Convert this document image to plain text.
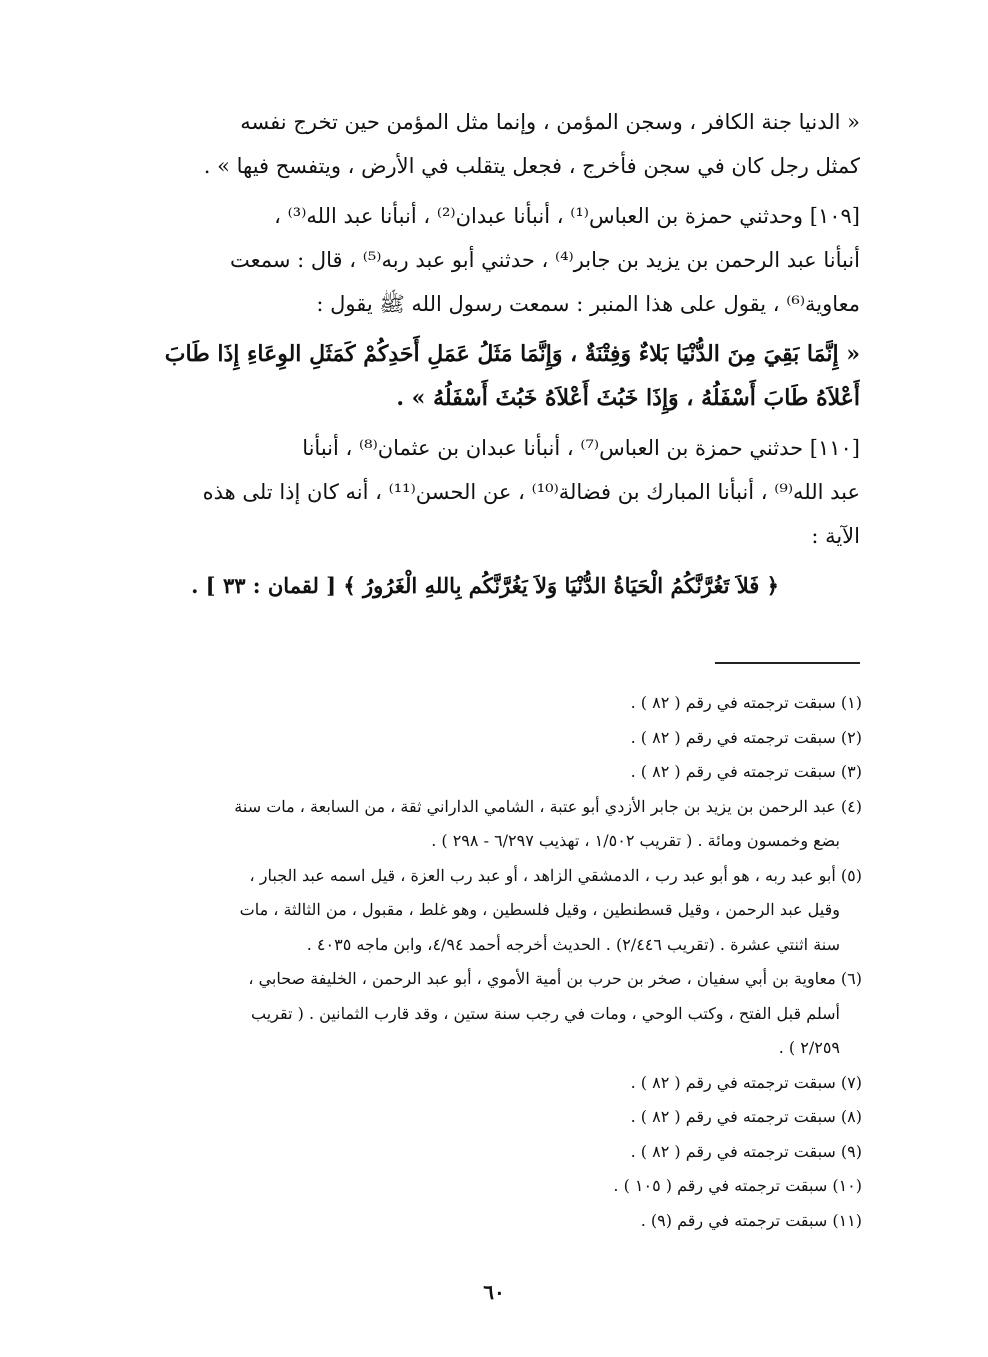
« الدنيا جنة الكافر ، وسجن المؤمن ، وإنما مثل المؤمن حين تخرج نفسه
كمثل رجل كان في سجن فأخرج ، فجعل يتقلب في الأرض ، ويتفسح فيها » .
[١٠٩] وحدثني حمزة بن العباس⁽¹⁾ ، أنبأنا عبدان⁽²⁾ ، أنبأنا عبد الله⁽³⁾ ،
أنبأنا عبد الرحمن بن يزيد بن جابر⁽⁴⁾ ، حدثني أبو عبد ربه⁽⁵⁾ ، قال : سمعت
معاوية⁽⁶⁾ ، يقول على هذا المنبر : سمعت رسول الله ﷺ يقول :
« إِنَّمَا بَقِيَ مِنَ الدُّنْيَا بَلاءٌ وَفِتْنَةٌ ، وَإِنَّمَا مَثَلُ عَمَلِ أَحَدِكُمْ كَمَثَلِ الوِعَاءِ إِذَا طَابَ
أَعْلاَهُ طَابَ أَسْفَلُهُ ، وَإِذَا خَبُثَ أَعْلاَهُ خَبُثَ أَسْفَلُهُ » .
[١١٠] حدثني حمزة بن العباس⁽⁷⁾ ، أنبأنا عبدان بن عثمان⁽⁸⁾ ، أنبأنا
عبد الله⁽⁹⁾ ، أنبأنا المبارك بن فضالة⁽¹⁰⁾ ، عن الحسن⁽¹¹⁾ ، أنه كان إذا تلى هذه
الآية :
﴿ فَلاَ تَغُرَّنَّكُمُ الْحَيَاةُ الدُّنْيَا وَلاَ يَغُرَّنَّكُم بِاللهِ الْغَرُورُ ﴾ [ لقمان : ٣٣ ] .
(١) سبقت ترجمته في رقم ( ٨٢ ) .
(٢) سبقت ترجمته في رقم ( ٨٢ ) .
(٣) سبقت ترجمته في رقم ( ٨٢ ) .
(٤) عبد الرحمن بن يزيد بن جابر الأزدي أبو عتبة ، الشامي الداراني ثقة ، من السابعة ، مات سنة
بضع وخمسون ومائة . ( تقريب ١/٥٠٢ ، تهذيب ٦/٢٩٧ - ٢٩٨ ) .
(٥) أبو عبد ربه ، هو أبو عبد رب ، الدمشقي الزاهد ، أو عبد رب العزة ، قيل اسمه عبد الجبار ،
وقيل عبد الرحمن ، وقيل قسطنطين ، وقيل فلسطين ، وهو غلط ، مقبول ، من الثالثة ، مات
سنة اثنتي عشرة . (تقريب ٢/٤٤٦) . الحديث أخرجه أحمد ٤/٩٤، وابن ماجه ٤٠٣٥ .
(٦) معاوية بن أبي سفيان ، صخر بن حرب بن أمية الأموي ، أبو عبد الرحمن ، الخليفة صحابي ،
أسلم قبل الفتح ، وكتب الوحي ، ومات في رجب سنة ستين ، وقد قارب الثمانين . ( تقريب
٢/٢٥٩ ) .
(٧) سبقت ترجمته في رقم ( ٨٢ ) .
(٨) سبقت ترجمته في رقم ( ٨٢ ) .
(٩) سبقت ترجمته في رقم ( ٨٢ ) .
(١٠) سبقت ترجمته في رقم ( ١٠٥ ) .
(١١) سبقت ترجمته في رقم (٩) .
٦٠
